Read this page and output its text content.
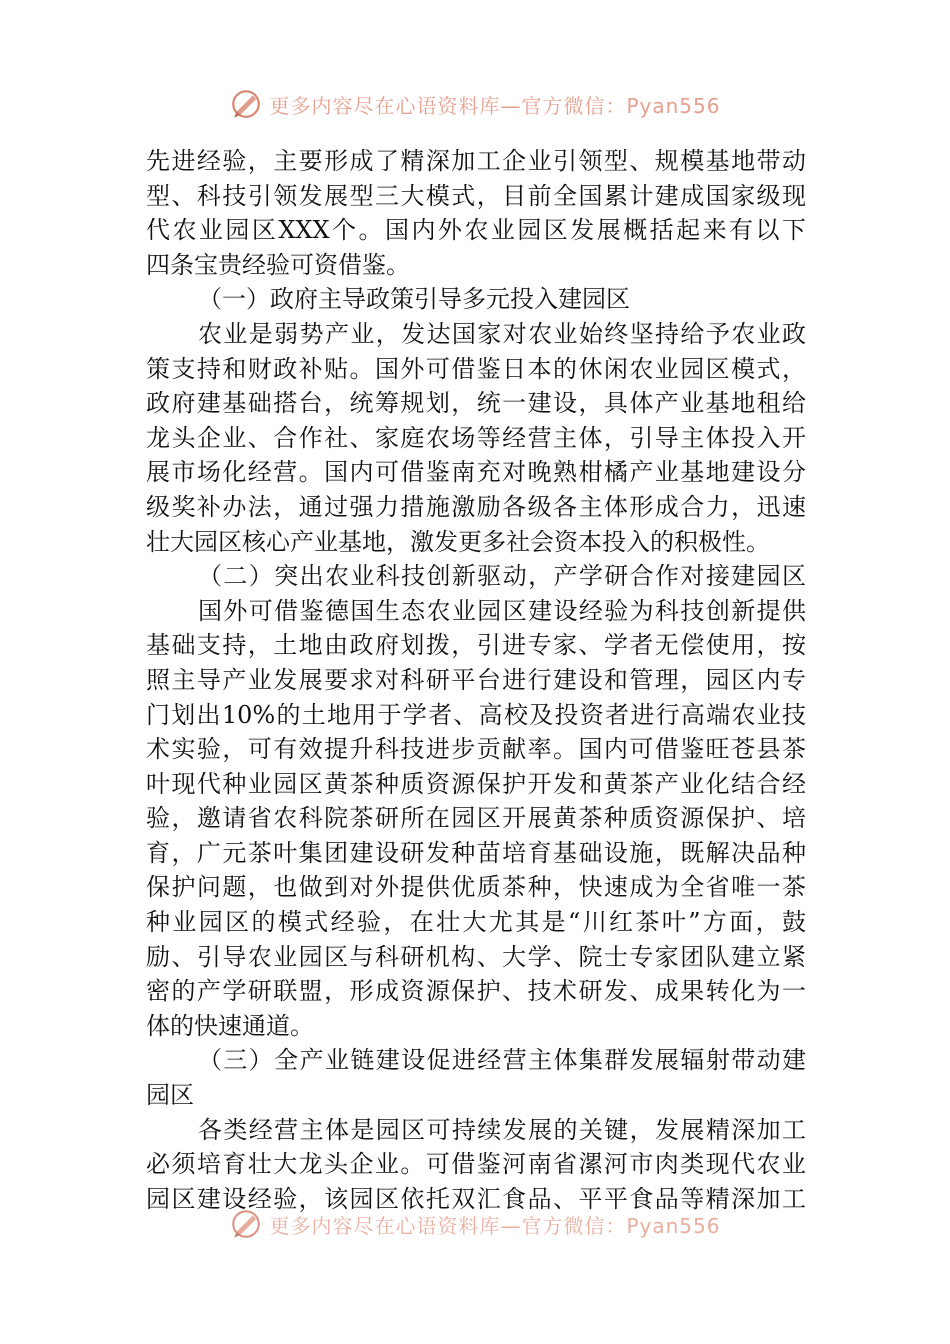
更多内容尽在心语资料库—官方微信：Pyan556
先进经验，主要形成了精深加工企业引领型、规模基地带动
型、科技引领发展型三大模式，目前全国累计建成国家级现
代农业园区XXX个。国内外农业园区发展概括起来有以下
四条宝贵经验可资借鉴。
（一）政府主导政策引导多元投入建园区
农业是弱势产业，发达国家对农业始终坚持给予农业政
策支持和财政补贴。国外可借鉴日本的休闲农业园区模式，
政府建基础搭台，统筹规划，统一建设，具体产业基地租给
龙头企业、合作社、家庭农场等经营主体，引导主体投入开
展市场化经营。国内可借鉴南充对晚熟柑橘产业基地建设分
级奖补办法，通过强力措施激励各级各主体形成合力，迅速
壮大园区核心产业基地，激发更多社会资本投入的积极性。
（二）突出农业科技创新驱动，产学研合作对接建园区
国外可借鉴德国生态农业园区建设经验为科技创新提供
基础支持，土地由政府划拨，引进专家、学者无偿使用，按
照主导产业发展要求对科研平台进行建设和管理，园区内专
门划出10%的土地用于学者、高校及投资者进行高端农业技
术实验，可有效提升科技进步贡献率。国内可借鉴旺苍县茶
叶现代种业园区黄茶种质资源保护开发和黄茶产业化结合经
验，邀请省农科院茶研所在园区开展黄茶种质资源保护、培
育，广元茶叶集团建设研发种苗培育基础设施，既解决品种
保护问题，也做到对外提供优质茶种，快速成为全省唯一茶
种业园区的模式经验，在壮大尤其是“川红茶叶”方面，鼓
励、引导农业园区与科研机构、大学、院士专家团队建立紧
密的产学研联盟，形成资源保护、技术研发、成果转化为一
体的快速通道。
（三）全产业链建设促进经营主体集群发展辐射带动建
园区
各类经营主体是园区可持续发展的关键，发展精深加工
必须培育壮大龙头企业。可借鉴河南省漯河市肉类现代农业
园区建设经验，该园区依托双汇食品、平平食品等精深加工
更多内容尽在心语资料库—官方微信：Pyan556
